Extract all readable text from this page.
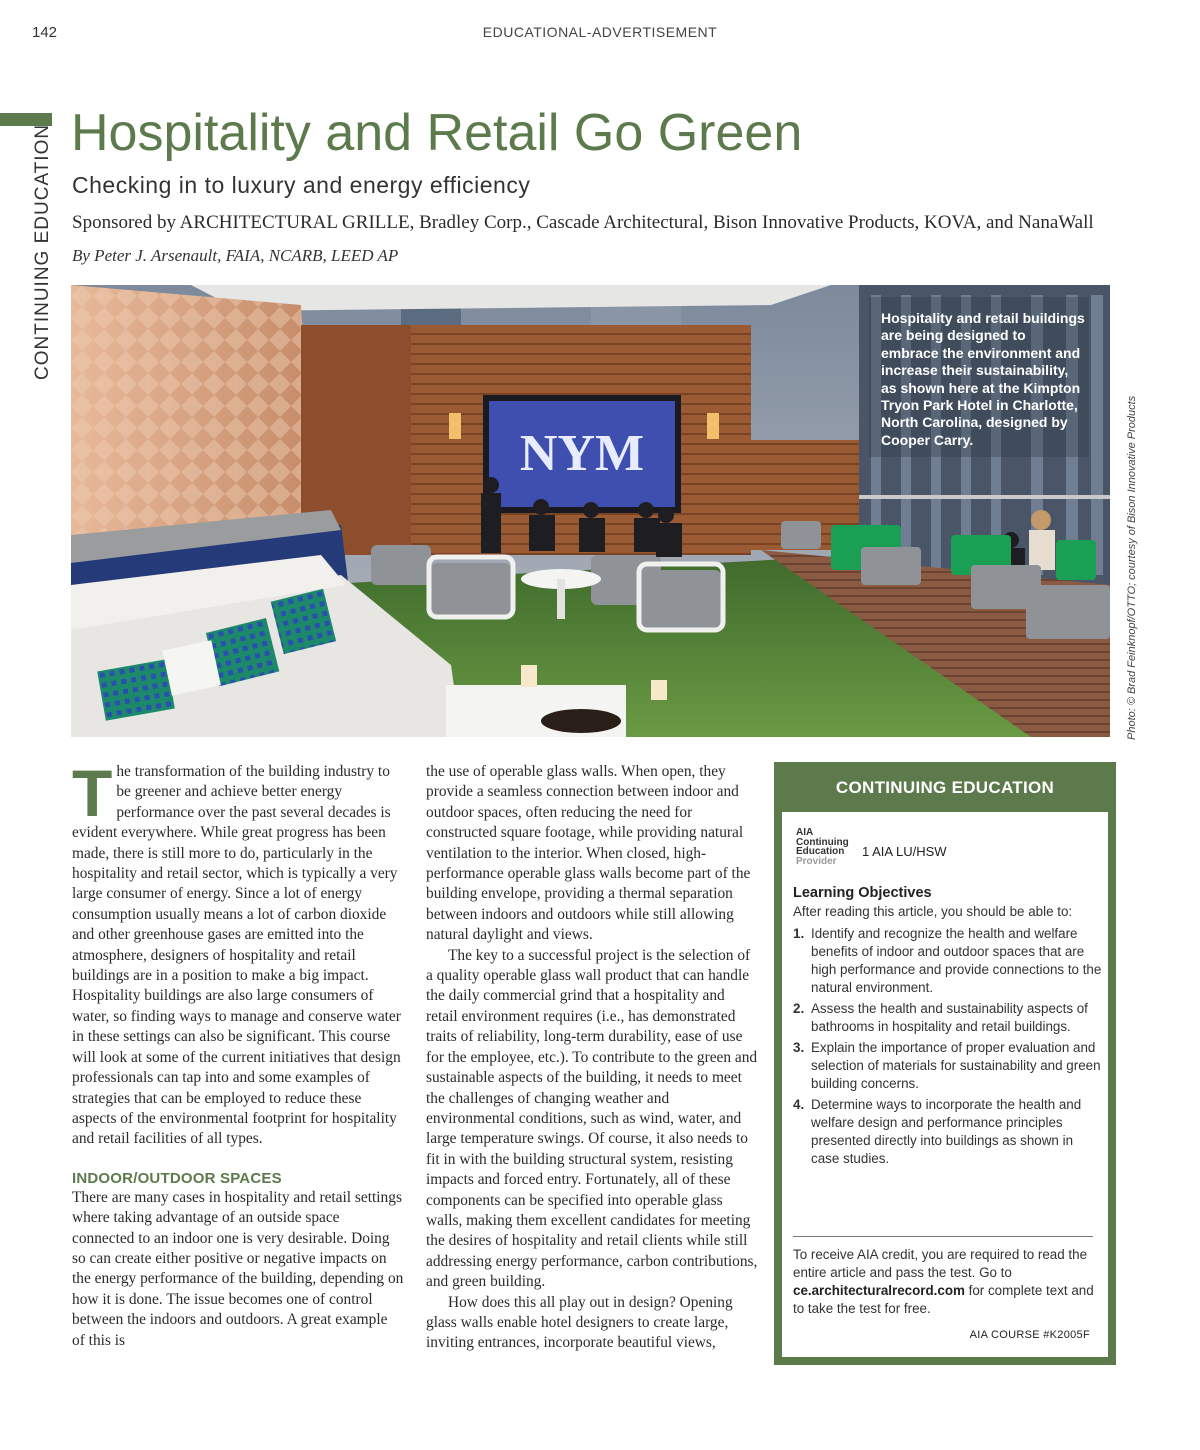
142	EDUCATIONAL-ADVERTISEMENT
CONTINUING EDUCATION Hospitality and Retail Go Green
Checking in to luxury and energy efficiency
Sponsored by ARCHITECTURAL GRILLE, Bradley Corp., Cascade Architectural, Bison Innovative Products, KOVA, and NanaWall
By Peter J. Arsenault, FAIA, NCARB, LEED AP
NYM
Hospitality and retail buildings are being designed to embrace the environment and increase their sustainability, as shown here at the Kimpton Tryon Park Hotel in Charlotte, North Carolina, designed by Cooper Carry.	Photo: © Brad Feinknopf/OTTO; courtesy of Bison Innovative Products

The transformation of the building industry to be greener and achieve better energy performance over the past several decades is evident everywhere. While great progress has been made, there is still more to do, particularly in the hospitality and retail sector, which is typically a very large consumer of energy. Since a lot of energy consumption usually means a lot of carbon dioxide and other greenhouse gases are emitted into the atmosphere, designers of hospitality and retail buildings are in a position to make a big impact. Hospitality buildings are also large consumers of water, so finding ways to manage and conserve water in these settings can also be significant. This course will look at some of the current initiatives that design professionals can tap into and some examples of strategies that can be employed to reduce these aspects of the environmental footprint for hospitality and retail facilities of all types.

INDOOR/OUTDOOR SPACES

There are many cases in hospitality and retail settings where taking advantage of an outside space connected to an indoor one is very desirable. Doing so can create either positive or negative impacts on the energy performance of the building, depending on how it is done. The issue becomes one of control between the indoors and outdoors. A great example of this is

the use of operable glass walls. When open, they provide a seamless connection between indoor and outdoor spaces, often reducing the need for constructed square footage, while providing natural ventilation to the interior. When closed, high-performance operable glass walls become part of the building envelope, providing a thermal separation between indoors and outdoors while still allowing natural daylight and views.

The key to a successful project is the selection of a quality operable glass wall product that can handle the daily commercial grind that a hospitality and retail environment requires (i.e., has demonstrated traits of reliability, long-term durability, ease of use for the employee, etc.). To contribute to the green and sustainable aspects of the building, it needs to meet the challenges of changing weather and environmental conditions, such as wind, water, and large temperature swings. Of course, it also needs to fit in with the building structural system, resisting impacts and forced entry. Fortunately, all of these components can be specified into operable glass walls, making them excellent candidates for meeting the desires of hospitality and retail clients while still addressing energy performance, carbon contributions, and green building.

How does this all play out in design? Opening glass walls enable hotel designers to create large, inviting entrances, incorporate beautiful views,

CONTINUING EDUCATION
AIA
Continuing
Education
Provider
1 AIA LU/HSW
Learning Objectives
After reading this article, you should be able to:
1. Identify and recognize the health and welfare benefits of indoor and outdoor spaces that are high performance and provide connections to the natural environment.
2. Assess the health and sustainability aspects of bathrooms in hospitality and retail buildings.
3. Explain the importance of proper evaluation and selection of materials for sustainability and green building concerns.
4. Determine ways to incorporate the health and welfare design and performance principles presented directly into buildings as shown in case studies.
To receive AIA credit, you are required to read the entire article and pass the test. Go to ce.architecturalrecord.com for complete text and to take the test for free.
AIA COURSE #K2005F
